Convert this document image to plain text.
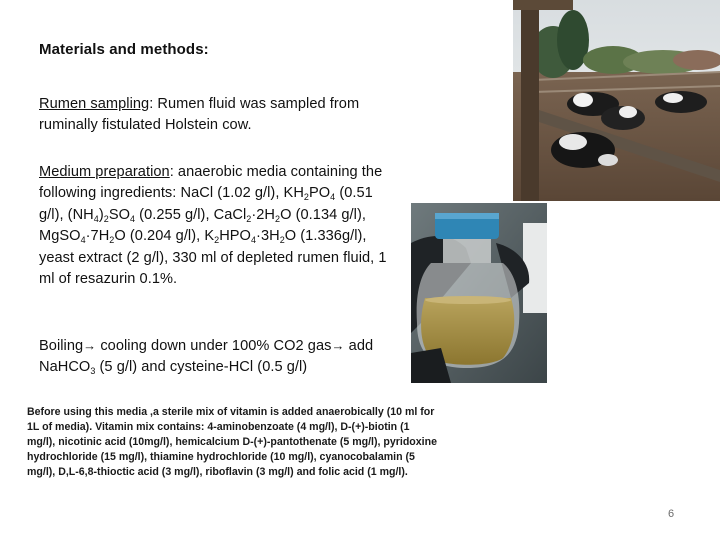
Materials and methods:
Rumen sampling: Rumen fluid was sampled from ruminally fistulated Holstein cow.
Medium preparation: anaerobic media containing the following ingredients: NaCl (1.02 g/l), $KH_2PO_4$ (0.51 g/l), $(NH_4)_2SO_4$ (0.255 g/l), $CaCl_2\cdot 2H_2O$ (0.134 g/l), $MgSO_4\cdot 7H_2O$ (0.204 g/l), $K_2HPO_4\cdot 3H_2O$ (1.336g/l), yeast extract (2 g/l), 330 ml of depleted rumen fluid, 1 ml of resazurin 0.1%.
Boiling→ cooling down under 100% CO2 gas→ add NaHCO$_3$ (5 g/l) and cysteine-HCl (0.5 g/l)
Before using this media ,a sterile mix of vitamin is added anaerobically (10 ml for 1L of media). Vitamin mix contains: 4-aminobenzoate (4 mg/l), D-(+)-biotin (1 mg/l), nicotinic acid (10mg/l), hemicalcium D-(+)-pantothenate (5 mg/l), pyridoxine hydrochloride (15 mg/l), thiamine hydrochloride (10 mg/l), cyanocobalamin (5 mg/l), D,L-6,8-thioctic acid (3 mg/l), riboflavin (3 mg/l) and folic acid (1 mg/l).
6
